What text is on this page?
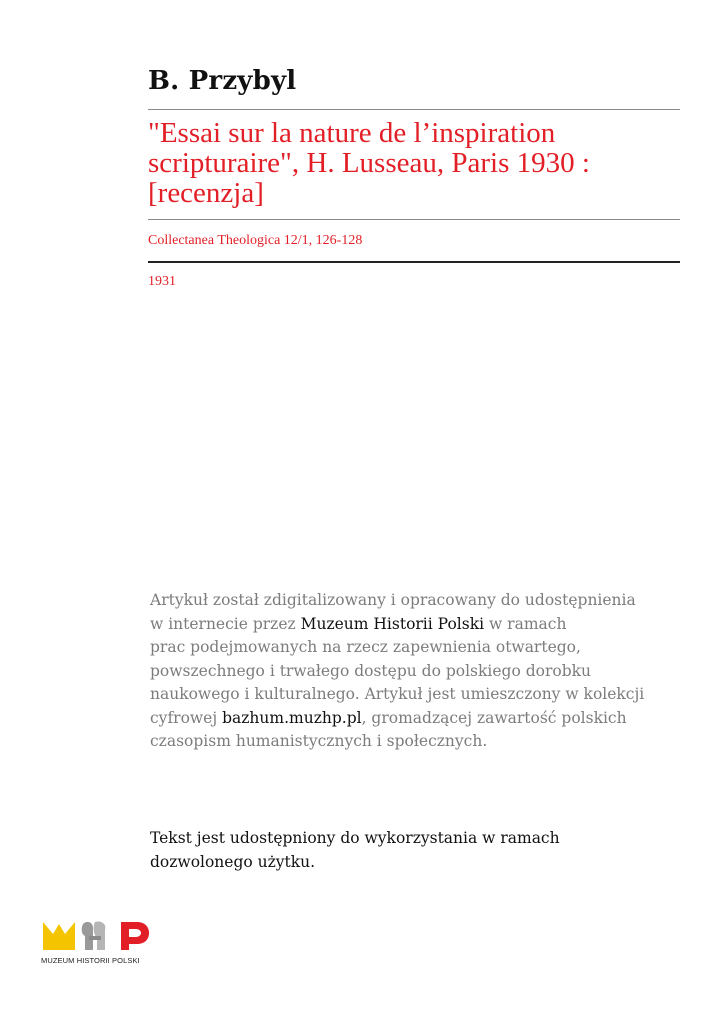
B. Przybyl
"Essai sur la nature de l’inspiration scripturaire", H. Lusseau, Paris 1930 : [recenzja]
Collectanea Theologica 12/1, 126-128
1931
Artykuł został zdigitalizowany i opracowany do udostępnienia
w internecie przez Muzeum Historii Polski w ramach
prac podejmowanych na rzecz zapewnienia otwartego,
powszechnego i trwałego dostępu do polskiego dorobku
naukowego i kulturalnego. Artykuł jest umieszczony w kolekcji
cyfrowej bazhum.muzhp.pl, gromadzącej zawartość polskich
czasopism humanistycznych i społecznych.
Tekst jest udostępniony do wykorzystania w ramach
dozwolonego użytku.
MUZEUM HISTORII POLSKI
